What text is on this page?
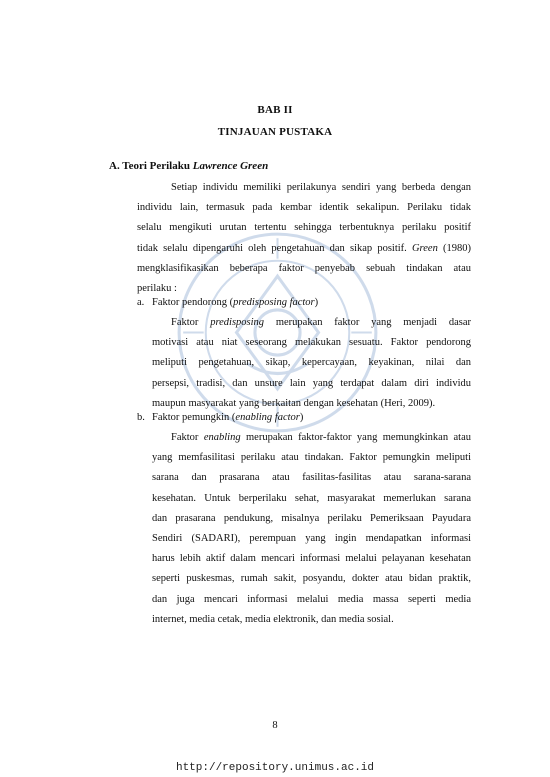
BAB II
TINJAUAN PUSTAKA
A. Teori Perilaku Lawrence Green
Setiap individu memiliki perilakunya sendiri yang berbeda dengan
individu lain, termasuk pada kembar identik sekalipun. Perilaku tidak
selalu mengikuti urutan tertentu sehingga terbentuknya perilaku positif
tidak selalu dipengaruhi oleh pengetahuan dan sikap positif. Green (1980)
mengklasifikasikan beberapa faktor penyebab sebuah tindakan atau
perilaku :
a. Faktor pendorong (predisposing factor)
Faktor predisposing merupakan faktor yang menjadi dasar
motivasi atau niat seseorang melakukan sesuatu. Faktor pendorong
meliputi pengetahuan, sikap, kepercayaan, keyakinan, nilai dan
persepsi, tradisi, dan unsure lain yang terdapat dalam diri individu
maupun masyarakat yang berkaitan dengan kesehatan (Heri, 2009).
b. Faktor pemungkin (enabling factor)
Faktor enabling merupakan faktor-faktor yang memungkinkan atau
yang memfasilitasi perilaku atau tindakan. Faktor pemungkin meliputi
sarana dan prasarana atau fasilitas-fasilitas atau sarana-sarana
kesehatan. Untuk berperilaku sehat, masyarakat memerlukan sarana
dan prasarana pendukung, misalnya perilaku Pemeriksaan Payudara
Sendiri (SADARI), perempuan yang ingin mendapatkan informasi
harus lebih aktif dalam mencari informasi melalui pelayanan kesehatan
seperti puskesmas, rumah sakit, posyandu, dokter atau bidan praktik,
dan juga mencari informasi melalui media massa seperti media
internet, media cetak, media elektronik, dan media sosial.
8
http://repository.unimus.ac.id
